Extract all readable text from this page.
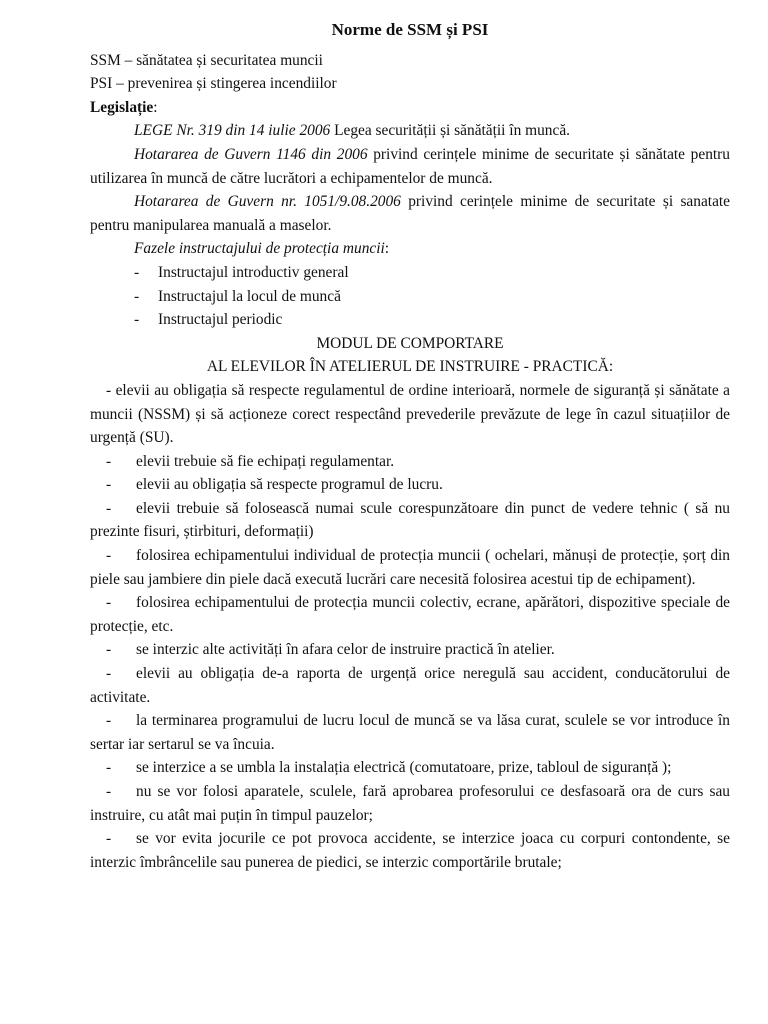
Norme de SSM și PSI
SSM – sănătatea și securitatea muncii
PSI – prevenirea și stingerea incendiilor
Legislație:
LEGE Nr. 319 din 14 iulie 2006 Legea securității și sănătății în muncă.
Hotararea de Guvern 1146 din 2006 privind cerințele minime de securitate și sănătate pentru utilizarea în muncă de către lucrători a echipamentelor de muncă.
Hotararea de Guvern nr. 1051/9.08.2006 privind cerințele minime de securitate și sanatate pentru manipularea manuală a maselor.
Fazele instructajului de protecția muncii:
- Instructajul introductiv general
- Instructajul la locul de muncă
- Instructajul periodic
MODUL DE COMPORTARE
AL ELEVILOR ÎN ATELIERUL DE INSTRUIRE - PRACTICĂ:
- elevii au obligația să respecte regulamentul de ordine interioară, normele de siguranță și sănătate a muncii (NSSM) și să acționeze corect respectând prevederile prevăzute de lege în cazul situațiilor de urgență (SU).
- elevii trebuie să fie echipați regulamentar.
- elevii au obligația să respecte programul de lucru.
- elevii trebuie să folosească numai scule corespunzătoare din punct de vedere tehnic ( să nu prezinte fisuri, știrbituri, deformații)
- folosirea echipamentului individual de protecția muncii ( ochelari, mănuși de protecție, șorț din piele sau jambiere din piele dacă execută lucrări care necesită folosirea acestui tip de echipament).
- folosirea echipamentului de protecția muncii colectiv, ecrane, apărători, dispozitive speciale de protecție, etc.
- se interzic alte activități în afara celor de instruire practică în atelier.
- elevii au obligația de-a raporta de urgență orice neregulă sau accident, conducătorului de activitate.
- la terminarea programului de lucru locul de muncă se va lăsa curat, sculele se vor introduce în sertar iar sertarul se va încuia.
- se interzice a se umbla la instalația electrică (comutatoare, prize, tabloul de siguranță );
- nu se vor folosi aparatele, sculele, fară aprobarea profesorului ce desfasoară ora de curs sau instruire, cu atât mai puțin în timpul pauzelor;
- se vor evita jocurile ce pot provoca accidente, se interzice joaca cu corpuri contondente, se interzic îmbrâncelile sau punerea de piedici, se interzic comportările brutale;
